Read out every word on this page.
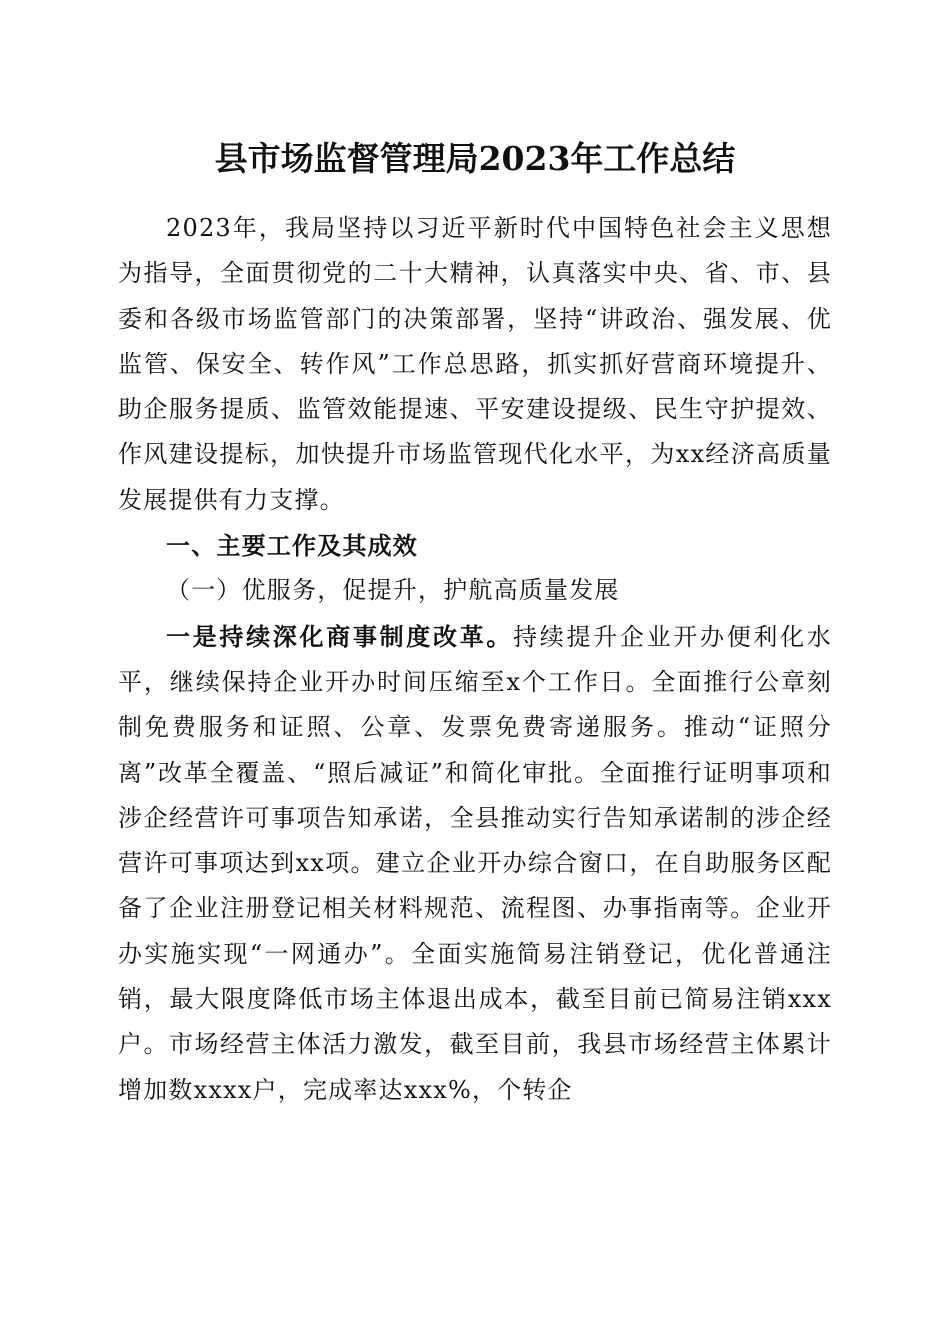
县市场监督管理局2023年工作总结

2023年，我局坚持以习近平新时代中国特色社会主义思想为指导，全面贯彻党的二十大精神，认真落实中央、省、市、县委和各级市场监管部门的决策部署，坚持“讲政治、强发展、优监管、保安全、转作风”工作总思路，抓实抓好营商环境提升、助企服务提质、监管效能提速、平安建设提级、民生守护提效、作风建设提标，加快提升市场监管现代化水平，为xx经济高质量发展提供有力支撑。

一、主要工作及其成效

（一）优服务，促提升，护航高质量发展

一是持续深化商事制度改革。持续提升企业开办便利化水平，继续保持企业开办时间压缩至x个工作日。全面推行公章刻制免费服务和证照、公章、发票免费寄递服务。推动“证照分离”改革全覆盖、“照后减证”和简化审批。全面推行证明事项和涉企经营许可事项告知承诺，全县推动实行告知承诺制的涉企经营许可事项达到xx项。建立企业开办综合窗口，在自助服务区配备了企业注册登记相关材料规范、流程图、办事指南等。企业开办实施实现“一网通办”。全面实施简易注销登记，优化普通注销，最大限度降低市场主体退出成本，截至目前已简易注销xxx户。市场经营主体活力激发，截至目前，我县市场经营主体累计增加数xxxx户，完成率达xxx%，个转企
